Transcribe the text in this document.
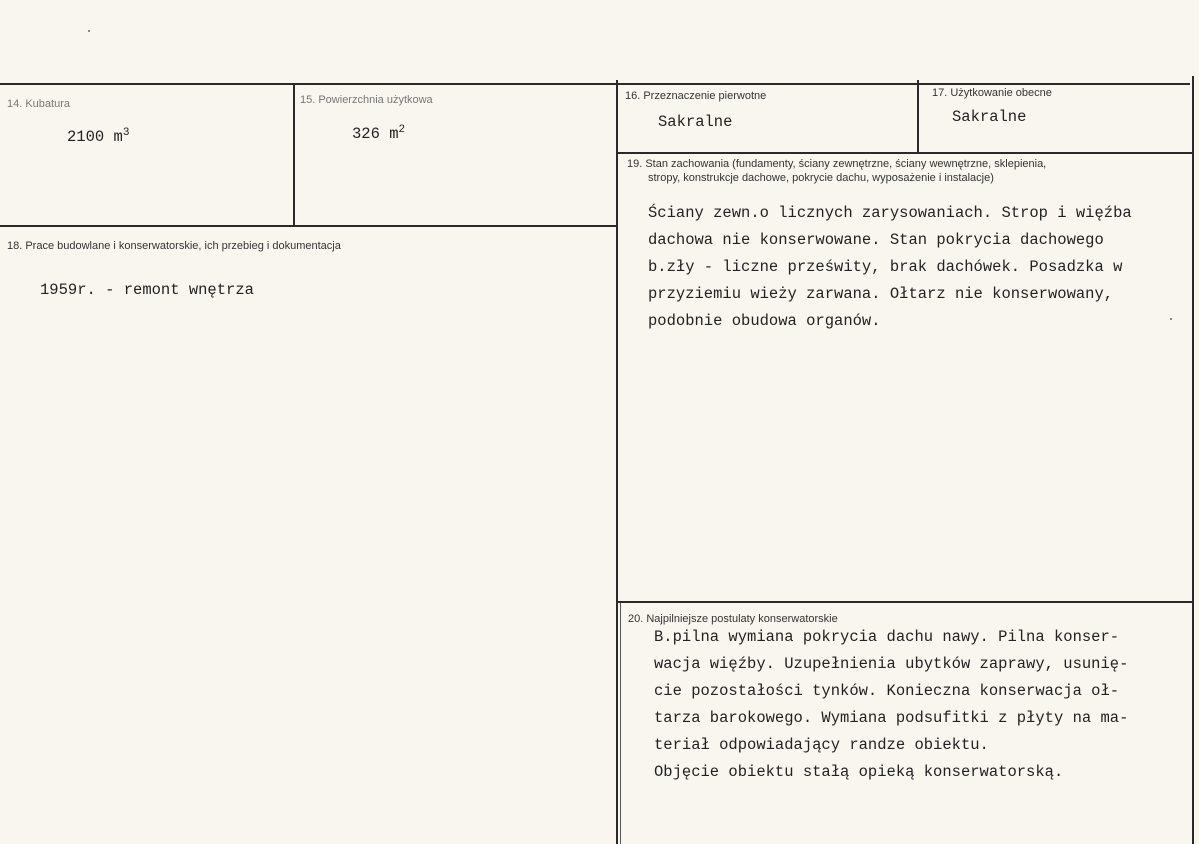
14. Kubatura
2100 $m^3$
15. Powierzchnia użytkowa
326 $m^2$
16. Przeznaczenie pierwotne
Sakralne
17. Użytkowanie obecne
Sakralne
18. Prace budowlane i konserwatorskie, ich przebieg i dokumentacja
1959r. - remont wnętrza
19. Stan zachowania (fundamenty, ściany zewnętrzne, ściany wewnętrzne, sklepienia,
stropy, konstrukcje dachowe, pokrycie dachu, wyposażenie i instalacje)
Ściany zewn.o licznych zarysowaniach. Strop i więźba
dachowa nie konserwowane. Stan pokrycia dachowego
b.zły - liczne prześwity, brak dachówek. Posadzka w
przyziemiu wieży zarwana. Ołtarz nie konserwowany,
podobnie obudowa organów.
20. Najpilniejsze postulaty konserwatorskie
B.pilna wymiana pokrycia dachu nawy. Pilna konser-
wacja więźby. Uzupełnienia ubytków zaprawy, usunię-
cie pozostałości tynków. Konieczna konserwacja oł-
tarza barokowego. Wymiana podsufitki z płyty na ma-
teriał odpowiadający randze obiektu.
Objęcie obiektu stałą opieką konserwatorską.
